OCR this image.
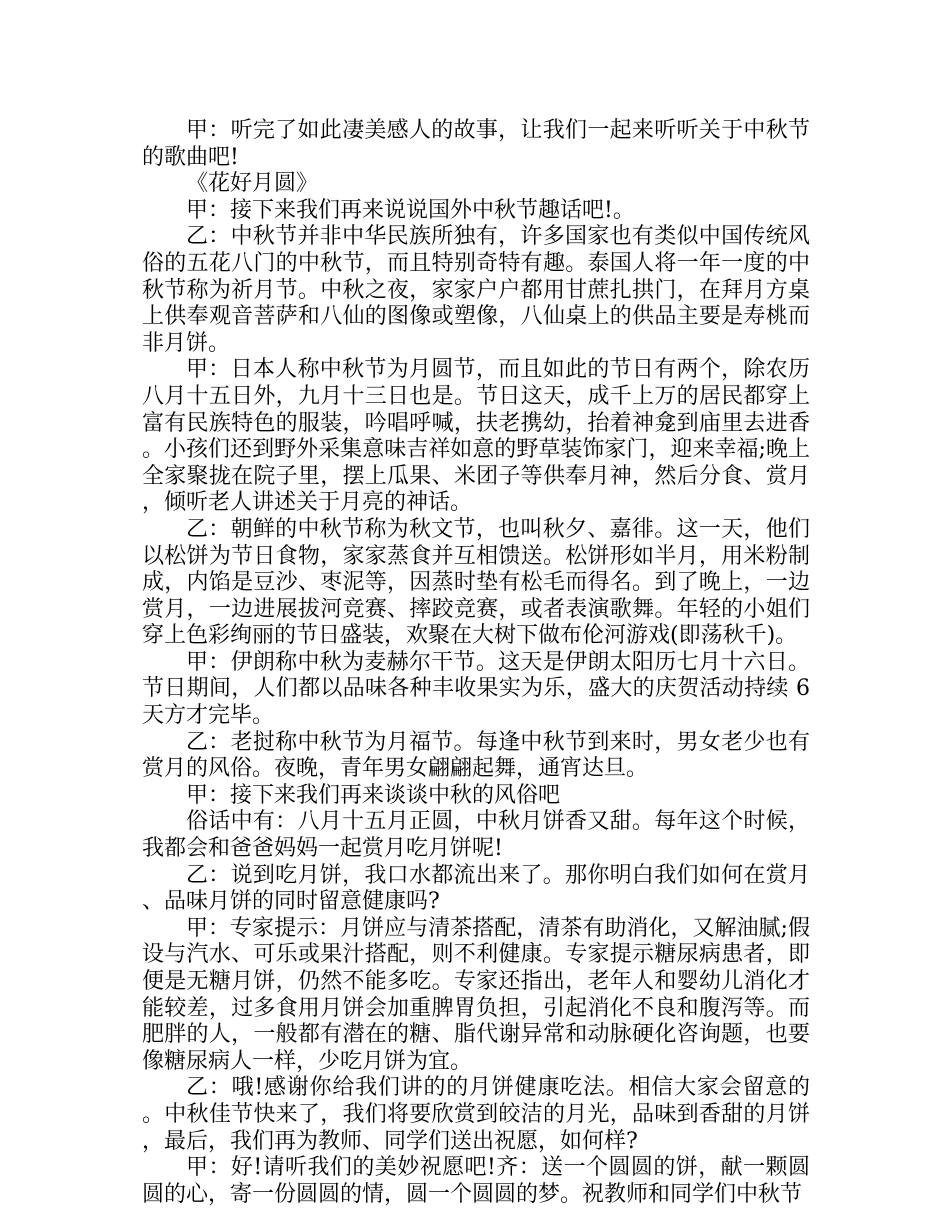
甲：听完了如此凄美感人的故事，让我们一起来听听关于中秋节的歌曲吧!

《花好月圆》

甲：接下来我们再来说说国外中秋节趣话吧!。

乙：中秋节并非中华民族所独有，许多国家也有类似中国传统风俗的五花八门的中秋节，而且特别奇特有趣。泰国人将一年一度的中秋节称为祈月节。中秋之夜，家家户户都用甘蔗扎拱门，在拜月方桌上供奉观音菩萨和八仙的图像或塑像，八仙桌上的供品主要是寿桃而非月饼。

甲：日本人称中秋节为月圆节，而且如此的节日有两个，除农历八月十五日外，九月十三日也是。节日这天，成千上万的居民都穿上富有民族特色的服装，吟唱呼喊，扶老携幼，抬着神龛到庙里去进香。小孩们还到野外采集意味吉祥如意的野草装饰家门，迎来幸福;晚上全家聚拢在院子里，摆上瓜果、米团子等供奉月神，然后分食、赏月，倾听老人讲述关于月亮的神话。

乙：朝鲜的中秋节称为秋文节，也叫秋夕、嘉徘。这一天，他们以松饼为节日食物，家家蒸食并互相馈送。松饼形如半月，用米粉制成，内馅是豆沙、枣泥等，因蒸时垫有松毛而得名。到了晚上，一边赏月，一边进展拔河竞赛、摔跤竞赛，或者表演歌舞。年轻的小姐们穿上色彩绚丽的节日盛装，欢聚在大树下做布伦河游戏(即荡秋千)。

甲：伊朗称中秋为麦赫尔干节。这天是伊朗太阳历七月十六日。节日期间，人们都以品味各种丰收果实为乐，盛大的庆贺活动持续 6 天方才完毕。

乙：老挝称中秋节为月福节。每逢中秋节到来时，男女老少也有赏月的风俗。夜晚，青年男女翩翩起舞，通宵达旦。

甲：接下来我们再来谈谈中秋的风俗吧

俗话中有：八月十五月正圆，中秋月饼香又甜。每年这个时候，我都会和爸爸妈妈一起赏月吃月饼呢!

乙：说到吃月饼，我口水都流出来了。那你明白我们如何在赏月、品味月饼的同时留意健康吗?

甲：专家提示：月饼应与清茶搭配，清茶有助消化，又解油腻;假设与汽水、可乐或果汁搭配，则不利健康。专家提示糖尿病患者，即便是无糖月饼，仍然不能多吃。专家还指出，老年人和婴幼儿消化才能较差，过多食用月饼会加重脾胃负担，引起消化不良和腹泻等。而肥胖的人，一般都有潜在的糖、脂代谢异常和动脉硬化咨询题，也要像糖尿病人一样，少吃月饼为宜。

乙：哦!感谢你给我们讲的的月饼健康吃法。相信大家会留意的。中秋佳节快来了，我们将要欣赏到皎洁的月光，品味到香甜的月饼，最后，我们再为教师、同学们送出祝愿，如何样?

甲：好!请听我们的美妙祝愿吧!齐：送一个圆圆的饼，献一颗圆圆的心，寄一份圆圆的情，圆一个圆圆的梦。祝教师和同学们中秋节
